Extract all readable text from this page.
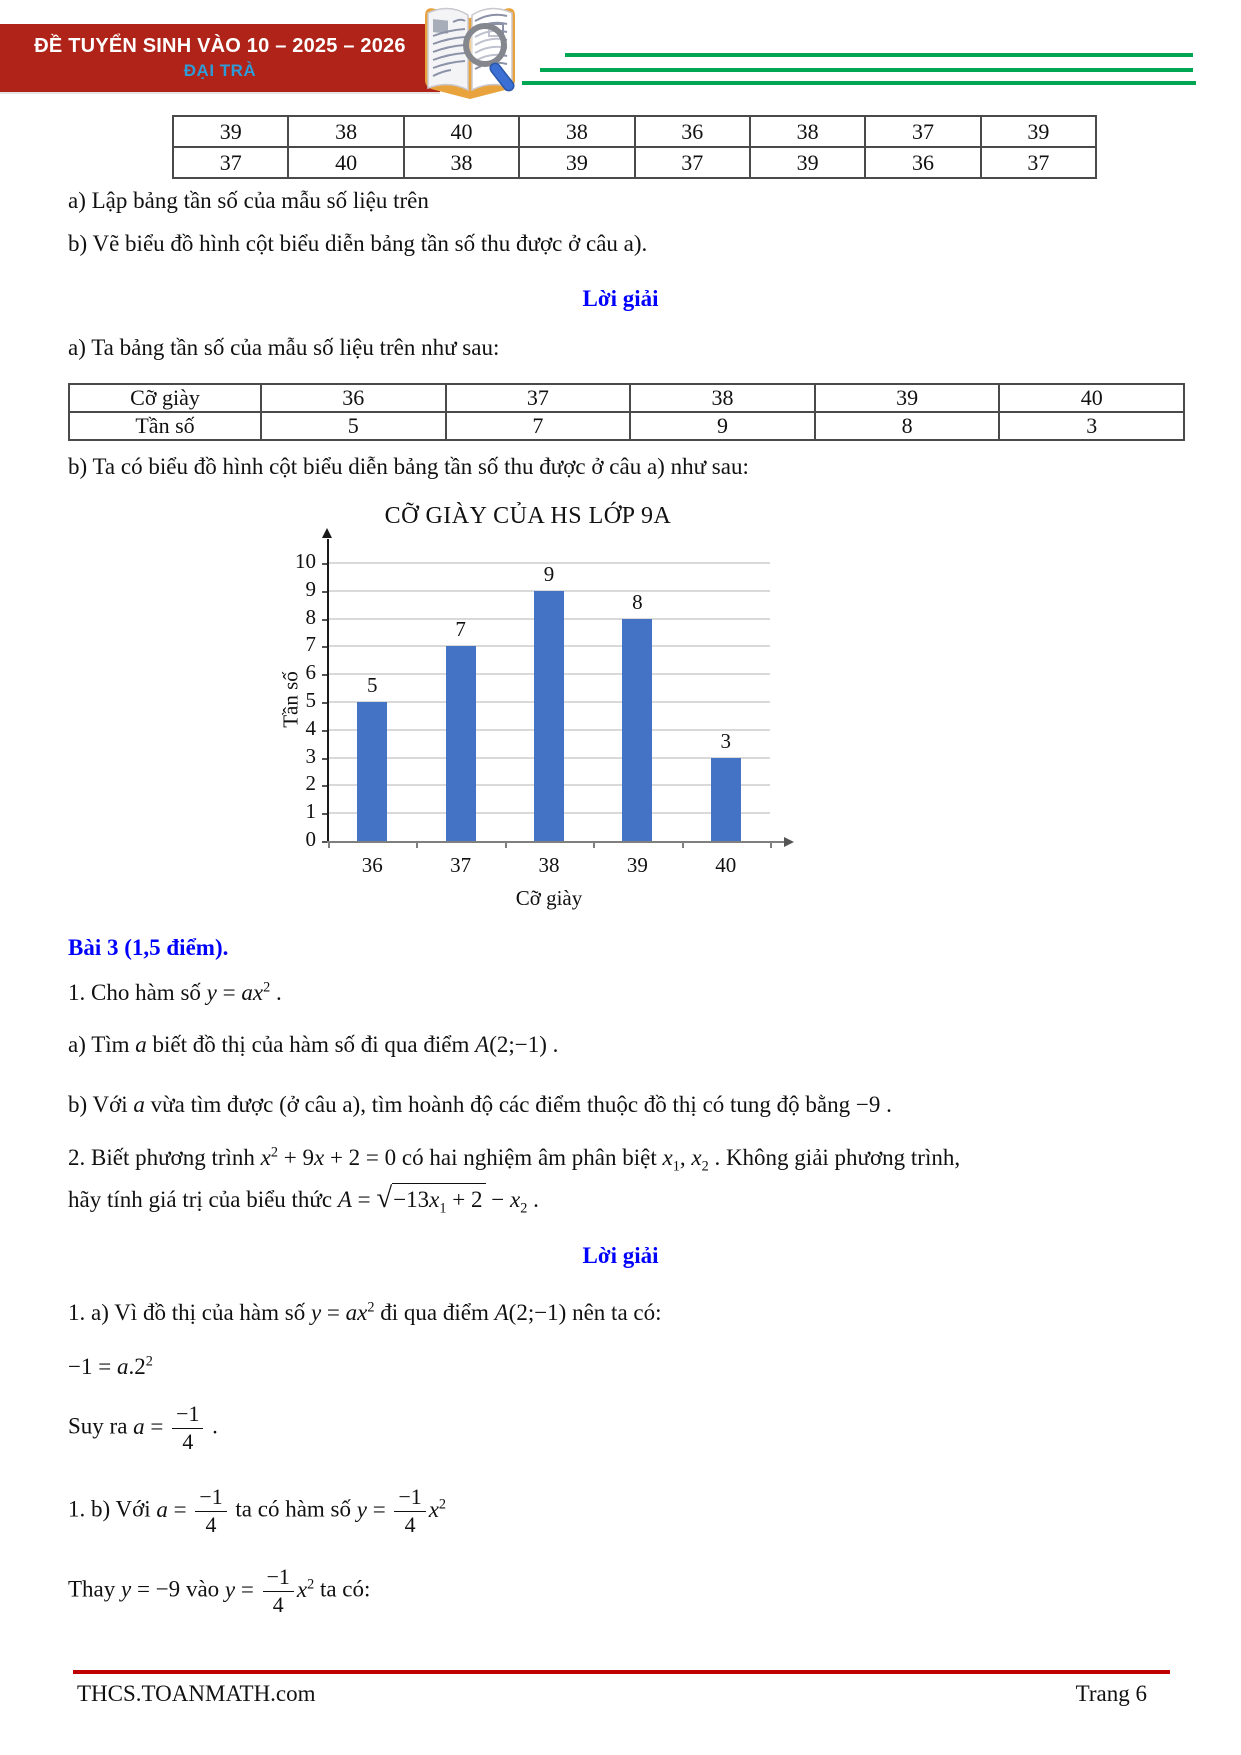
ĐỀ TUYỂN SINH VÀO 10 – 2025 – 2026
ĐẠI TRÀ
39	38	40	38	36	38	37	39
37	40	38	39	37	39	36	37
a) Lập bảng tần số của mẫu số liệu trên
b) Vẽ biểu đồ hình cột biểu diễn bảng tần số thu được ở câu a).
Lời giải
a) Ta bảng tần số của mẫu số liệu trên như sau:
Cỡ giày	36	37	38	39	40
Tần số	5	7	9	8	3
b) Ta có biểu đồ hình cột biểu diễn bảng tần số thu được ở câu a) như sau:
CỠ GIÀY CỦA HS LỚP 9A
Tần số
Cỡ giày
0
1
2
3
4
5
6
7
8
9
10
5
36
7
37
9
38
8
39
3
40
Bài 3 (1,5 điểm).
1. Cho hàm số $y = ax^2$ .
a) Tìm a biết đồ thị của hàm số đi qua điểm A(2;−1) .
b) Với a vừa tìm được (ở câu a), tìm hoành độ các điểm thuộc đồ thị có tung độ bằng −9 .
2. Biết phương trình $x^2 + 9x + 2 = 0$ có hai nghiệm âm phân biệt $x_1$, $x_2$ . Không giải phương trình,
hãy tính giá trị của biểu thức $A = √-13x_1 + 2 - x_2$ .
Lời giải
1. a) Vì đồ thị của hàm số $y = ax^2$ đi qua điểm A(2;−1) nên ta có:
$-1 = a.2^2$
Suy ra $a = \frac{-1}{4}$ .
1. b) Với $a = \frac{-1}{4}$ ta có hàm số $y = \frac{-1}{4} x^2$
Thay y = −9 vào $y = \frac{-1}{4} x^2$ ta có:
THCS.TOANMATH.com	Trang 6
